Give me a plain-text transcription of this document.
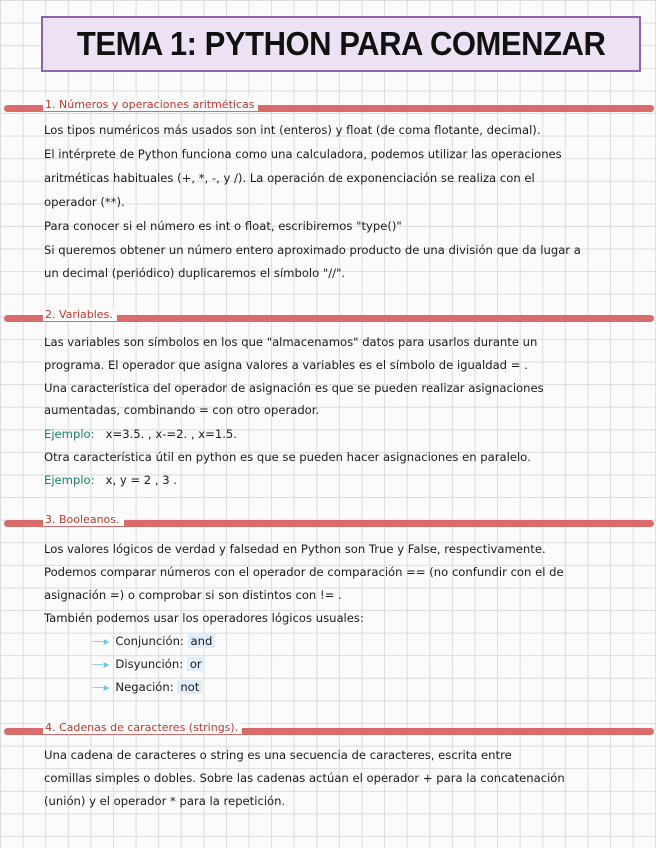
TEMA 1: PYTHON PARA COMENZAR
1. Números y operaciones aritméticas
Los tipos numéricos más usados son int (enteros) y float (de coma flotante, decimal).
El intérprete de Python funciona como una calculadora, podemos utilizar las operaciones
aritméticas habituales (+, *, -, y /). La operación de exponenciación se realiza con el
operador (**).
Para conocer si el número es int o float, escribiremos "type()"
Si queremos obtener un número entero aproximado producto de una división que da lugar a
un decimal (periódico) duplicaremos el símbolo "//".
2. Variables.
Las variables son símbolos en los que "almacenamos" datos para usarlos durante un
programa. El operador que asigna valores a variables es el símbolo de igualdad = .
Una característica del operador de asignación es que se pueden realizar asignaciones
aumentadas, combinando = con otro operador.
Ejemplo: x=3.5. , x-=2. , x=1.5.
Otra característica útil en python es que se pueden hacer asignaciones en paralelo.
Ejemplo: x, y = 2 , 3 .
3. Booleanos.
Los valores lógicos de verdad y falsedad en Python son True y False, respectivamente.
Podemos comparar números con el operador de comparación == (no confundir con el de
asignación =) o comprobar si son distintos con != .
También podemos usar los operadores lógicos usuales:
—▸ Conjunción: and
—▸ Disyunción: or
—▸ Negación: not
4. Cadenas de caracteres (strings).
Una cadena de caracteres o string es una secuencia de caracteres, escrita entre
comillas simples o dobles. Sobre las cadenas actúan el operador + para la concatenación
(unión) y el operador * para la repetición.
